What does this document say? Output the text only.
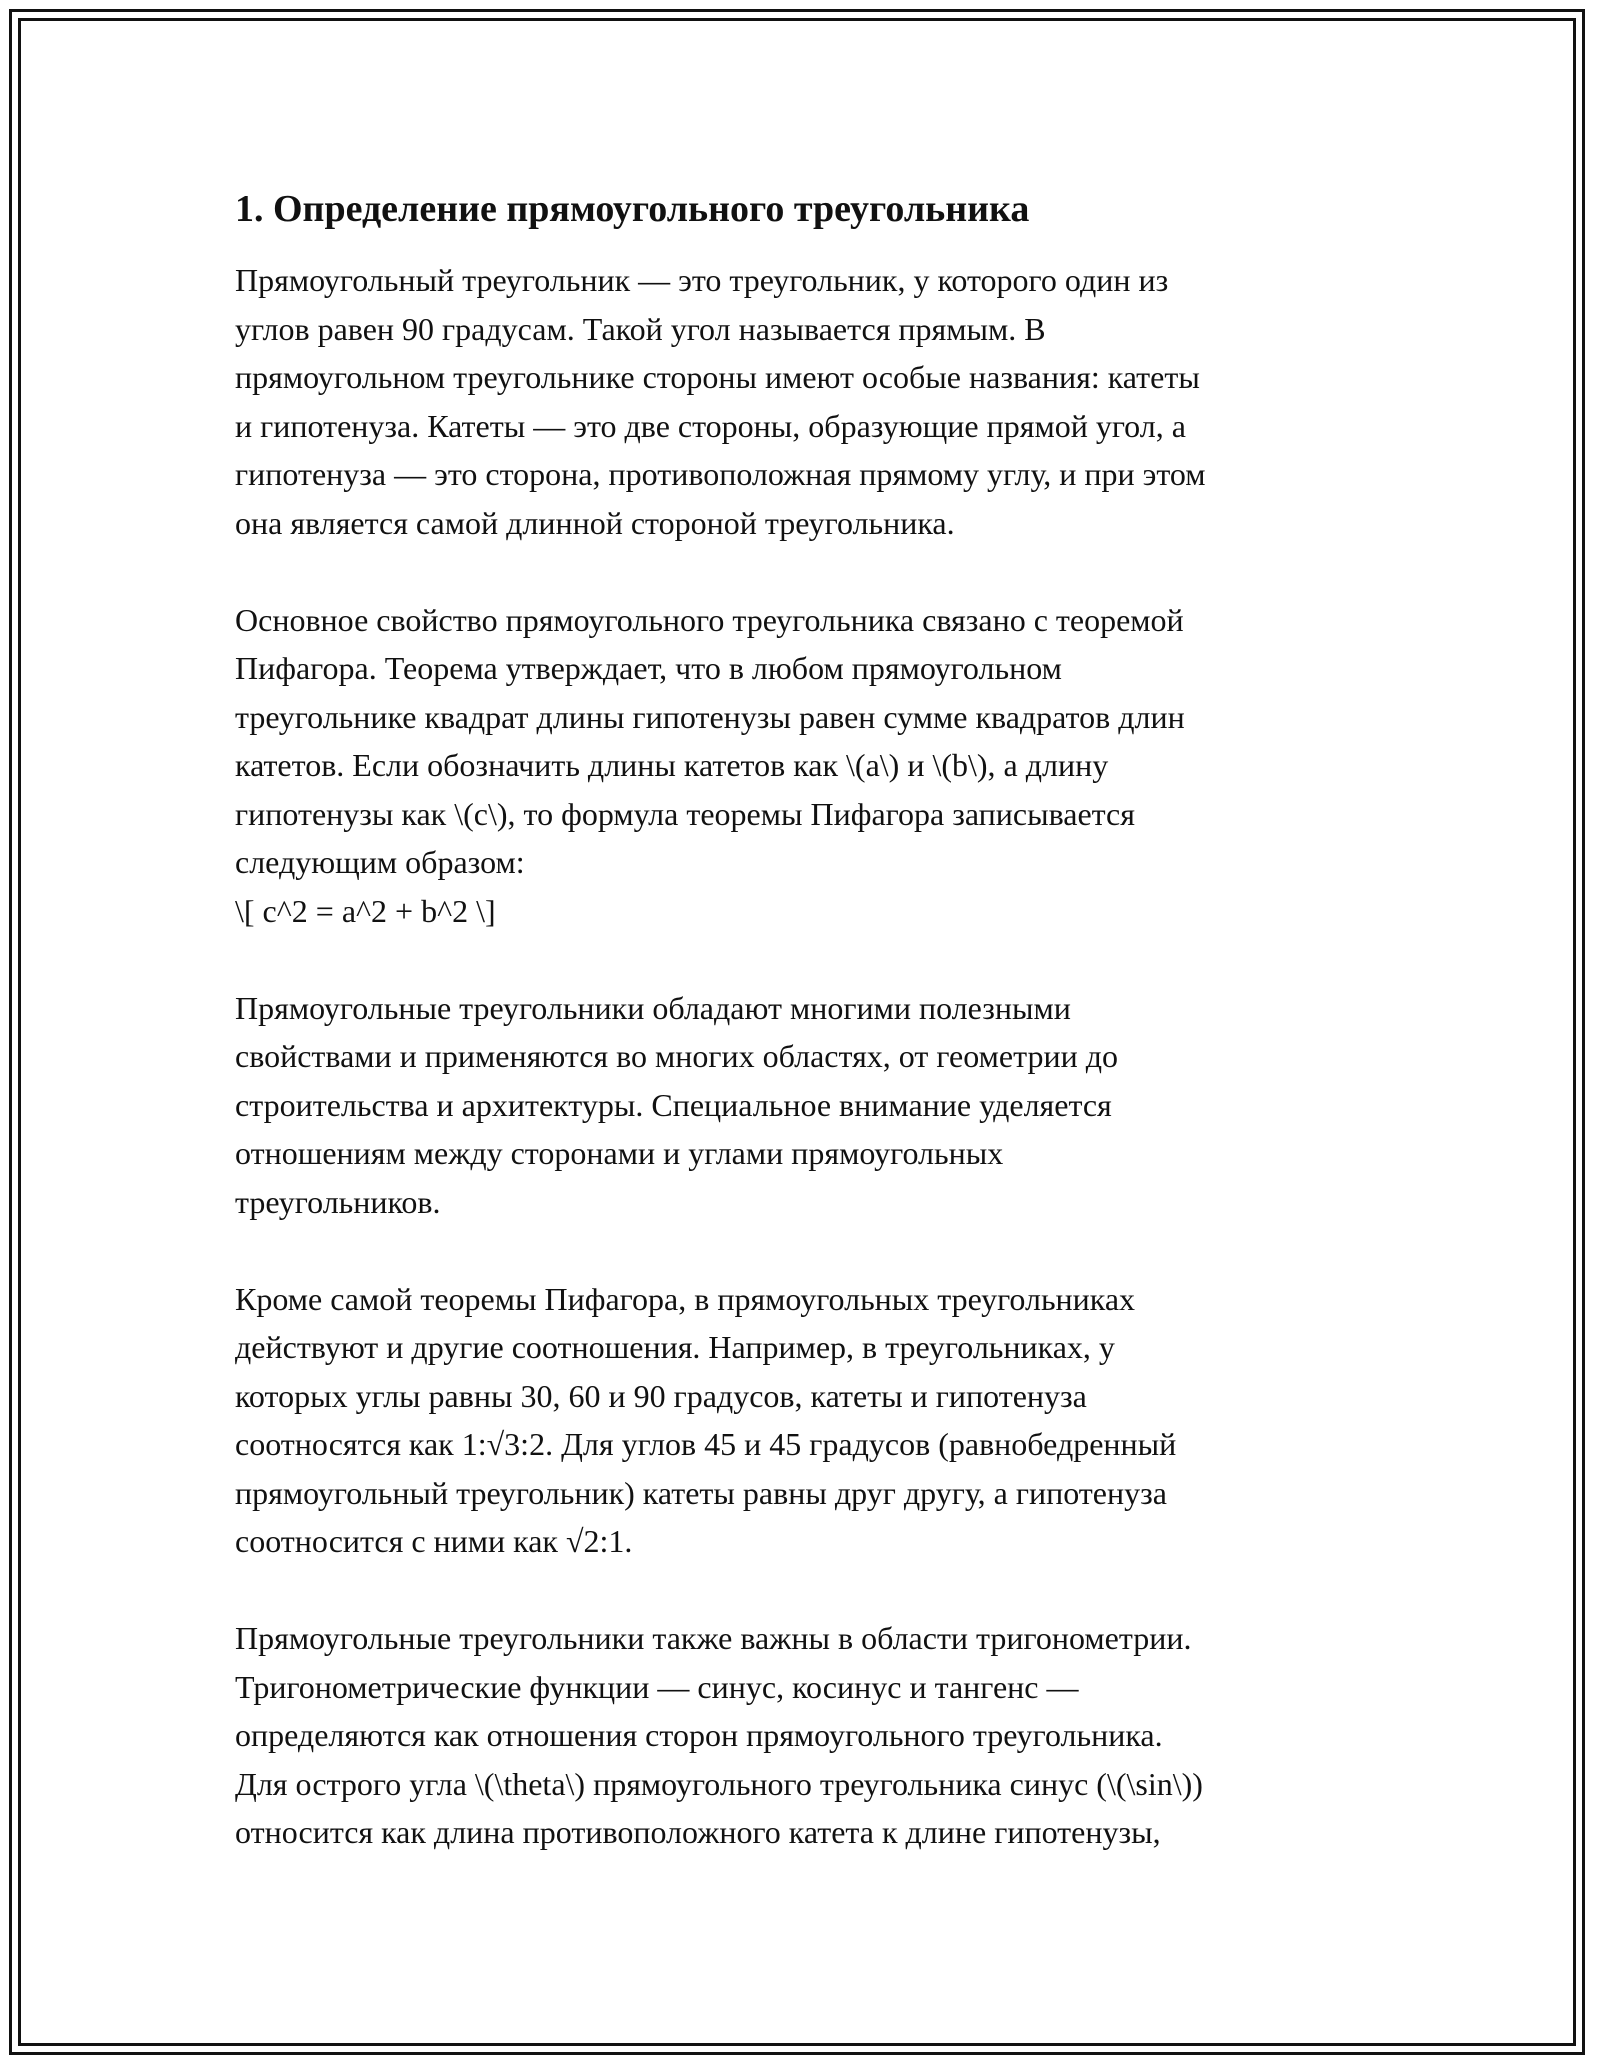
1. Определение прямоугольного треугольника

Прямоугольный треугольник — это треугольник, у которого один из
углов равен 90 градусам. Такой угол называется прямым. В
прямоугольном треугольнике стороны имеют особые названия: катеты
и гипотенуза. Катеты — это две стороны, образующие прямой угол, а
гипотенуза — это сторона, противоположная прямому углу, и при этом
она является самой длинной стороной треугольника.

Основное свойство прямоугольного треугольника связано с теоремой
Пифагора. Теорема утверждает, что в любом прямоугольном
треугольнике квадрат длины гипотенузы равен сумме квадратов длин
катетов. Если обозначить длины катетов как \(a\) и \(b\), а длину
гипотенузы как \(c\), то формула теоремы Пифагора записывается
следующим образом:
\[ c^2 = a^2 + b^2 \]

Прямоугольные треугольники обладают многими полезными
свойствами и применяются во многих областях, от геометрии до
строительства и архитектуры. Специальное внимание уделяется
отношениям между сторонами и углами прямоугольных
треугольников.

Кроме самой теоремы Пифагора, в прямоугольных треугольниках
действуют и другие соотношения. Например, в треугольниках, у
которых углы равны 30, 60 и 90 градусов, катеты и гипотенуза
соотносятся как 1:√3:2. Для углов 45 и 45 градусов (равнобедренный
прямоугольный треугольник) катеты равны друг другу, а гипотенуза
соотносится с ними как √2:1.

Прямоугольные треугольники также важны в области тригонометрии.
Тригонометрические функции — синус, косинус и тангенс —
определяются как отношения сторон прямоугольного треугольника.
Для острого угла \(\theta\) прямоугольного треугольника синус (\(\sin\))
относится как длина противоположного катета к длине гипотенузы,
